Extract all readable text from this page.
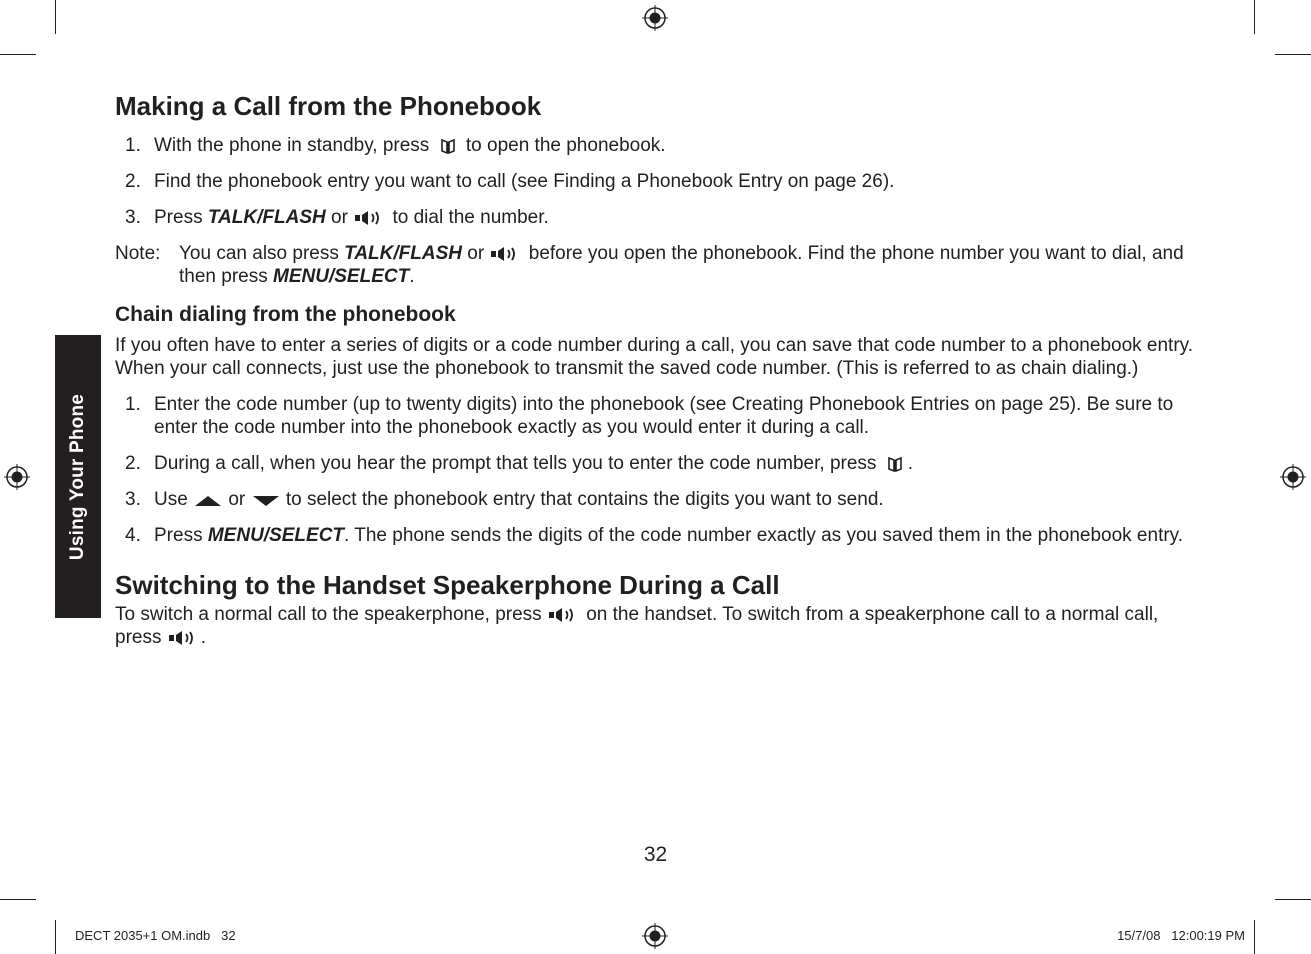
Using Your Phone
Making a Call from the Phonebook
1. With the phone in standby, press to open the phonebook.
2. Find the phonebook entry you want to call (see Finding a Phonebook Entry on page 26).
3. Press TALK/FLASH or to dial the number.
Note: You can also press TALK/FLASH or before you open the phonebook. Find the phone number you want to dial, and then press MENU/SELECT.
Chain dialing from the phonebook

If you often have to enter a series of digits or a code number during a call, you can save that code number to a phonebook entry. When your call connects, just use the phonebook to transmit the saved code number. (This is referred to as chain dialing.)

1. Enter the code number (up to twenty digits) into the phonebook (see Creating Phonebook Entries on page 25). Be sure to enter the code number into the phonebook exactly as you would enter it during a call.
2. During a call, when you hear the prompt that tells you to enter the code number, press .
3. Use or to select the phonebook entry that contains the digits you want to send.
4. Press MENU/SELECT. The phone sends the digits of the code number exactly as you saved them in the phonebook entry.
Switching to the Handset Speakerphone During a Call

To switch a normal call to the speakerphone, press on the handset. To switch from a speakerphone call to a normal call, press .

32
DECT 2035+1 OM.indb   32	15/7/08   12:00:19 PM
